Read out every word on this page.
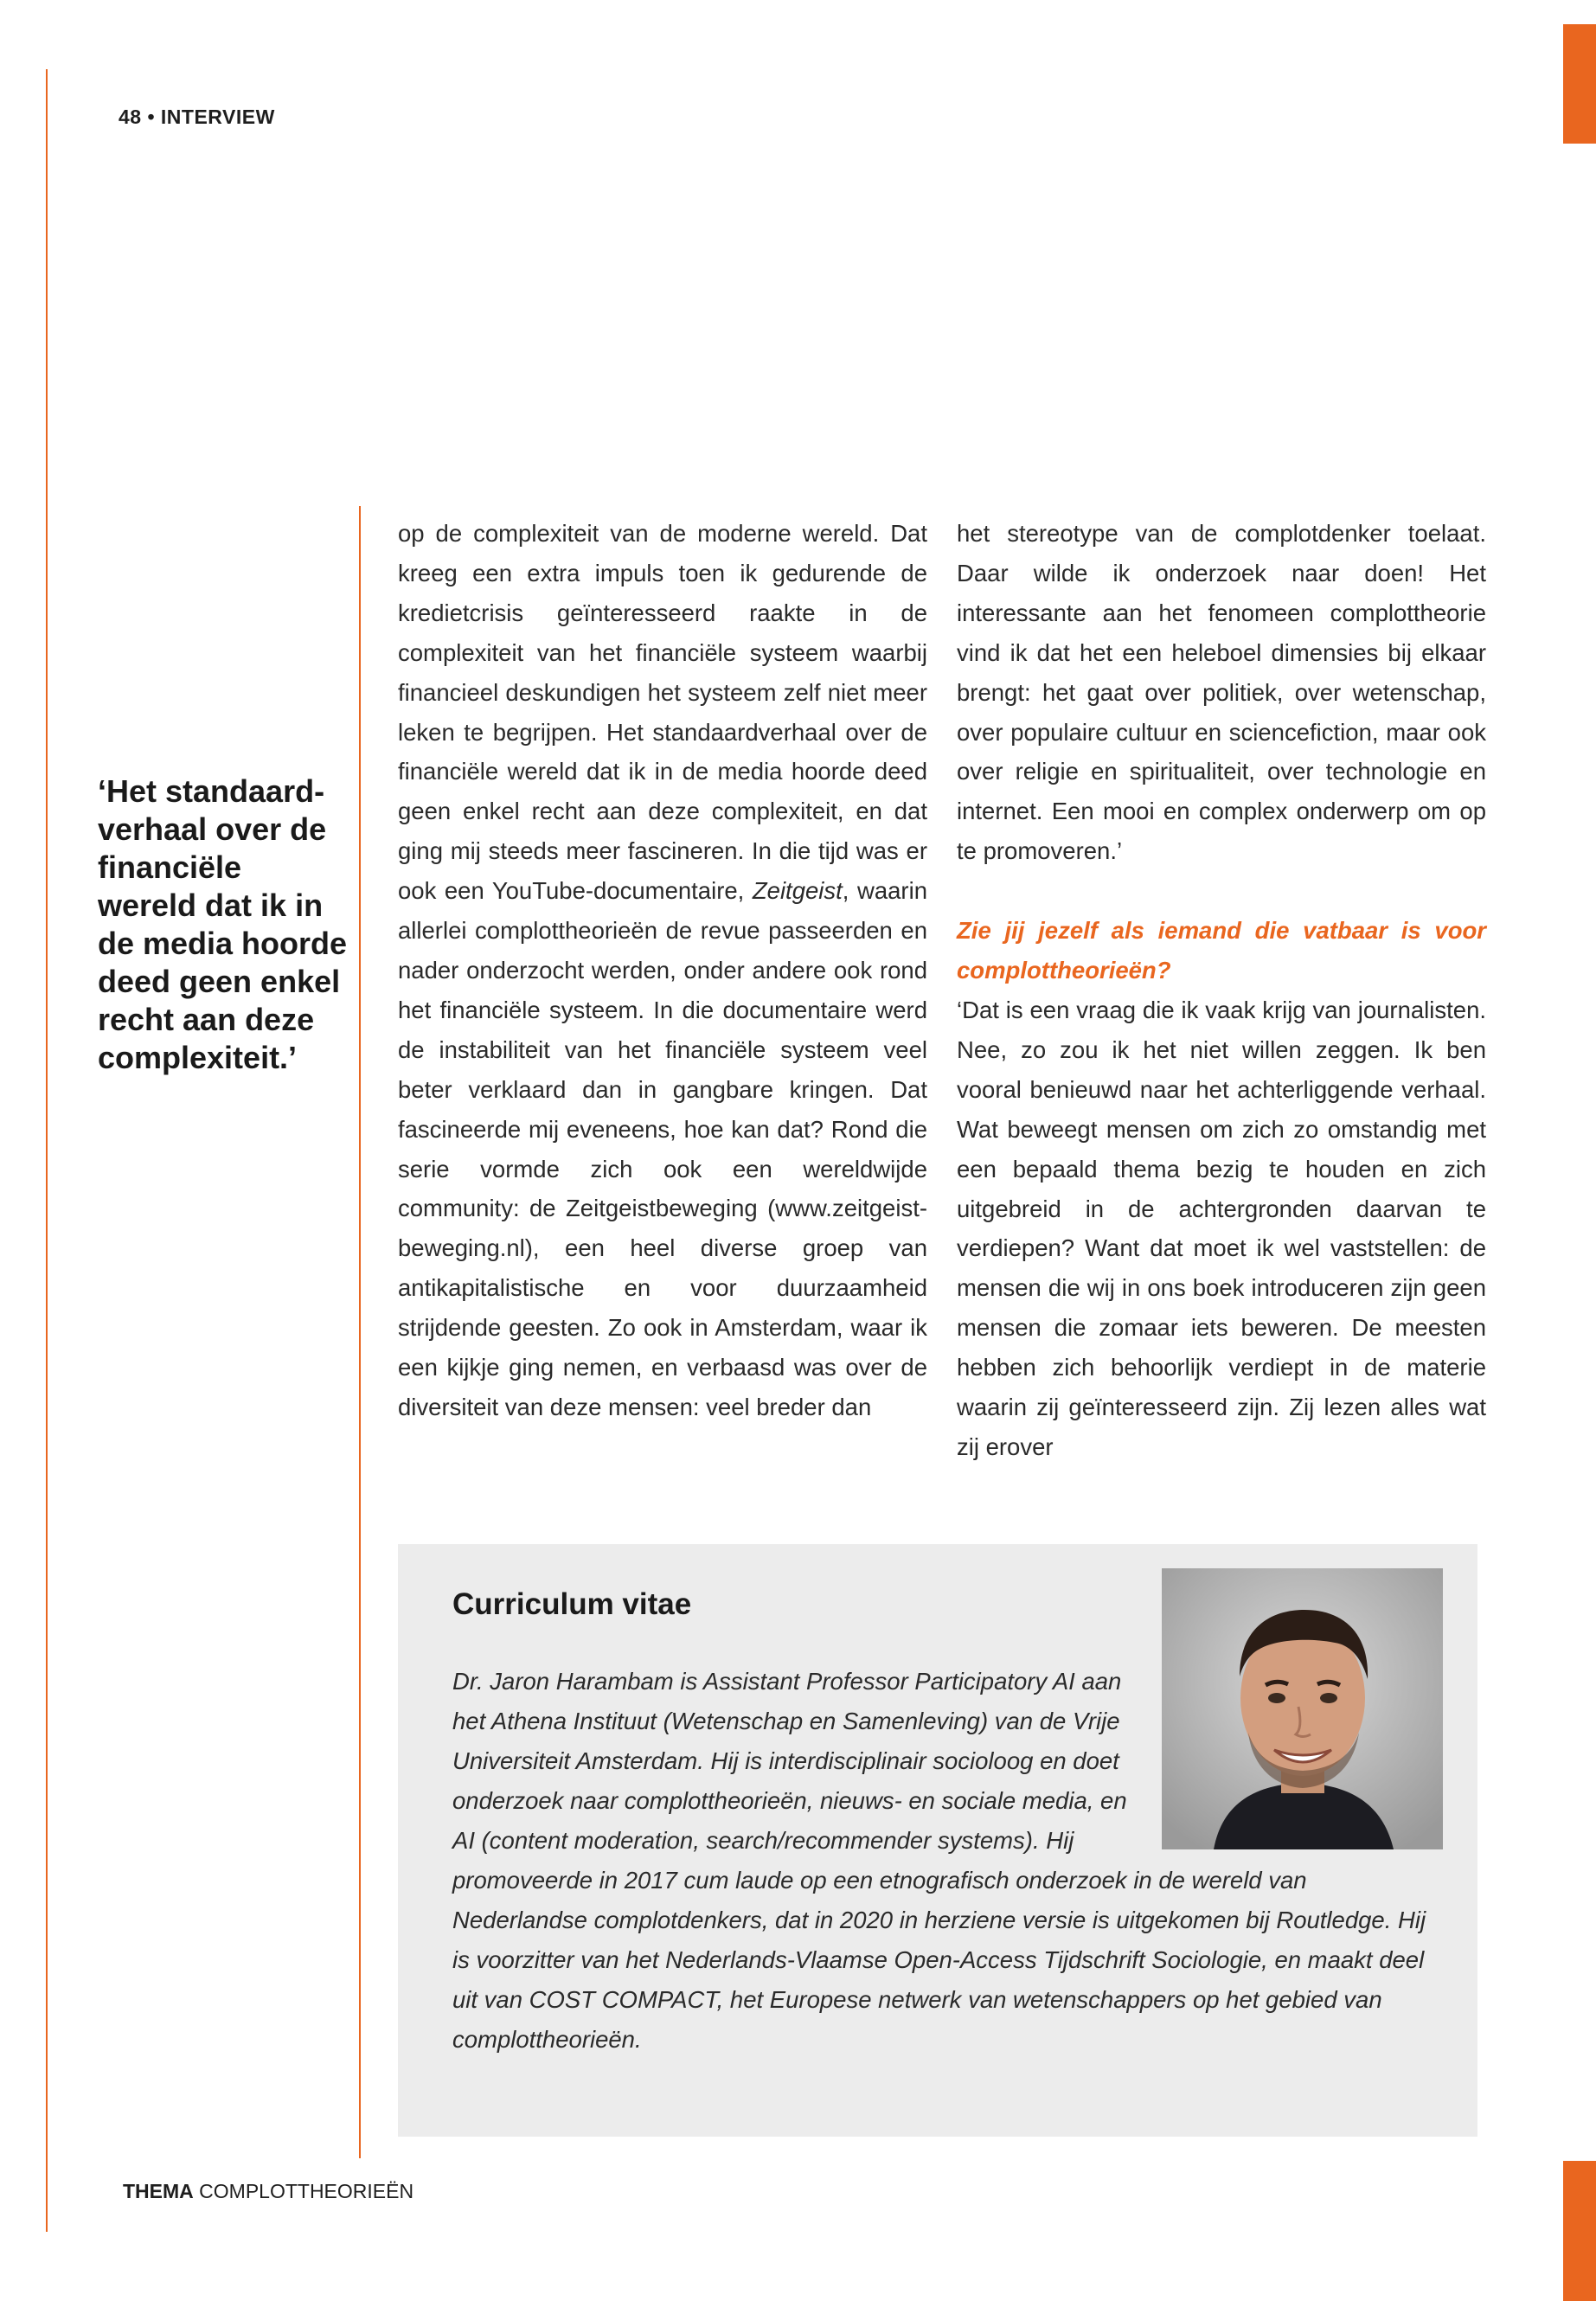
48 • INTERVIEW
‘Het standaard-verhaal over de financiële wereld dat ik in de media hoorde deed geen enkel recht aan deze complexiteit.’
op de complexiteit van de moderne wereld. Dat kreeg een extra impuls toen ik gedurende de kredietcrisis geïnteresseerd raakte in de complexiteit van het financiële systeem waarbij financieel deskundigen het systeem zelf niet meer leken te begrijpen. Het standaardverhaal over de financiële wereld dat ik in de media hoorde deed geen enkel recht aan deze complexiteit, en dat ging mij steeds meer fascineren. In die tijd was er ook een YouTube-documentaire, Zeitgeist, waarin allerlei complottheorieën de revue passeerden en nader onderzocht werden, onder andere ook rond het financiële systeem. In die documentaire werd de instabiliteit van het financiële systeem veel beter verklaard dan in gangbare kringen. Dat fascineerde mij eveneens, hoe kan dat? Rond die serie vormde zich ook een wereldwijde community: de Zeitgeistbeweging (www.zeitgeist-beweging.nl), een heel diverse groep van antikapitalistische en voor duurzaamheid strijdende geesten. Zo ook in Amsterdam, waar ik een kijkje ging nemen, en verbaasd was over de diversiteit van deze mensen: veel breder dan

het stereotype van de complotdenker toelaat. Daar wilde ik onderzoek naar doen! Het interessante aan het fenomeen complottheorie vind ik dat het een heleboel dimensies bij elkaar brengt: het gaat over politiek, over wetenschap, over populaire cultuur en sciencefiction, maar ook over religie en spiritualiteit, over technologie en internet. Een mooi en complex onderwerp om op te promoveren.’

Zie jij jezelf als iemand die vatbaar is voor complottheorieën?

‘Dat is een vraag die ik vaak krijg van journalisten. Nee, zo zou ik het niet willen zeggen. Ik ben vooral benieuwd naar het achterliggende verhaal. Wat beweegt mensen om zich zo omstandig met een bepaald thema bezig te houden en zich uitgebreid in de achtergronden daarvan te verdiepen? Want dat moet ik wel vaststellen: de mensen die wij in ons boek introduceren zijn geen mensen die zomaar iets beweren. De meesten hebben zich behoorlijk verdiept in de materie waarin zij geïnteresseerd zijn. Zij lezen alles wat zij erover

Curriculum vitae
Dr. Jaron Harambam is Assistant Professor Participatory AI aan het Athena Instituut (Wetenschap en Samenleving) van de Vrije Universiteit Amsterdam. Hij is interdisciplinair socioloog en doet onderzoek naar complottheorieën, nieuws- en sociale media, en AI (content moderation, search/recommender systems). Hij promoveerde in 2017 cum laude op een etnografisch onderzoek in de wereld van Nederlandse complotdenkers, dat in 2020 in herziene versie is uitgekomen bij Routledge. Hij is voorzitter van het Nederlands-Vlaamse Open-Access Tijdschrift Sociologie, en maakt deel uit van COST COMPACT, het Europese netwerk van wetenschappers op het gebied van complottheorieën.
THEMA COMPLOTTHEORIEËN
